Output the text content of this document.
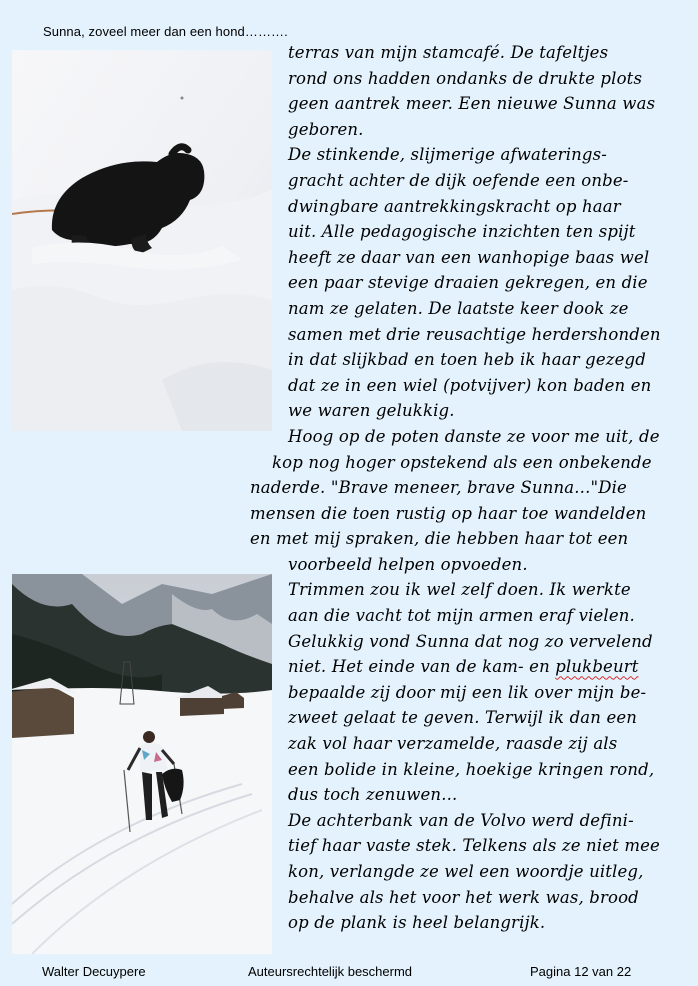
Sunna, zoveel meer dan een hond……….
terras van mijn stamcafé. De tafeltjes
rond ons hadden ondanks de drukte plots
geen aantrek meer. Een nieuwe Sunna was
geboren.
De stinkende, slijmerige afwaterings-
gracht achter de dijk oefende een onbe-
dwingbare aantrekkingskracht op haar
uit. Alle pedagogische inzichten ten spijt
heeft ze daar van een wanhopige baas wel
een paar stevige draaien gekregen, en die
nam ze gelaten. De laatste keer dook ze
samen met drie reusachtige herdershonden
in dat slijkbad en toen heb ik haar gezegd
dat ze in een wiel (potvijver) kon baden en
we waren gelukkig.
Hoog op de poten danste ze voor me uit, de
kop nog hoger opstekend als een onbekende
naderde. "Brave meneer, brave Sunna..."Die
mensen die toen rustig op haar toe wandelden
en met mij spraken, die hebben haar tot een
voorbeeld helpen opvoeden.
Trimmen zou ik wel zelf doen. Ik werkte
aan die vacht tot mijn armen eraf vielen.
Gelukkig vond Sunna dat nog zo vervelend
niet. Het einde van de kam- en plukbeurt
bepaalde zij door mij een lik over mijn be-
zweet gelaat te geven. Terwijl ik dan een
zak vol haar verzamelde, raasde zij als
een bolide in kleine, hoekige kringen rond,
dus toch zenuwen...
De achterbank van de Volvo werd defini-
tief haar vaste stek. Telkens als ze niet mee
kon, verlangde ze wel een woordje uitleg,
behalve als het voor het werk was, brood
op de plank is heel belangrijk.
Walter Decuypere	Auteursrechtelijk beschermd	Pagina 12 van 22
